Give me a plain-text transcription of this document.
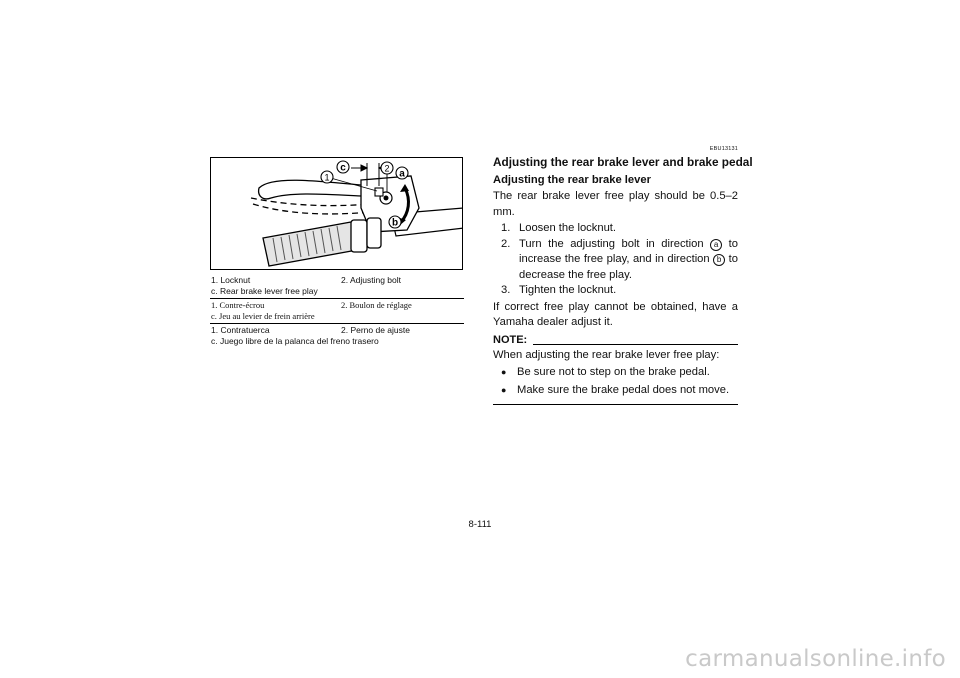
c
1
2 a
b
1. Locknut	2. Adjusting bolt
c. Rear brake lever free play
1. Contre-écrou	2. Boulon de réglage
c. Jeu au levier de frein arrière
1. Contratuerca	2. Perno de ajuste
c. Juego libre de la palanca del freno trasero
EBU13131
Adjusting the rear brake lever and brake pedal
Adjusting the rear brake lever
The rear brake lever free play should be 0.5–2 mm.
1. Loosen the locknut.
2. Turn the adjusting bolt in direction a to increase the free play, and in direction b to decrease the free play.
3. Tighten the locknut.
If correct free play cannot be obtained, have a Yamaha dealer adjust it.
NOTE:
When adjusting the rear brake lever free play:
● Be sure not to step on the brake pedal.
● Make sure the brake pedal does not move.
8-111
carmanualsonline.info
